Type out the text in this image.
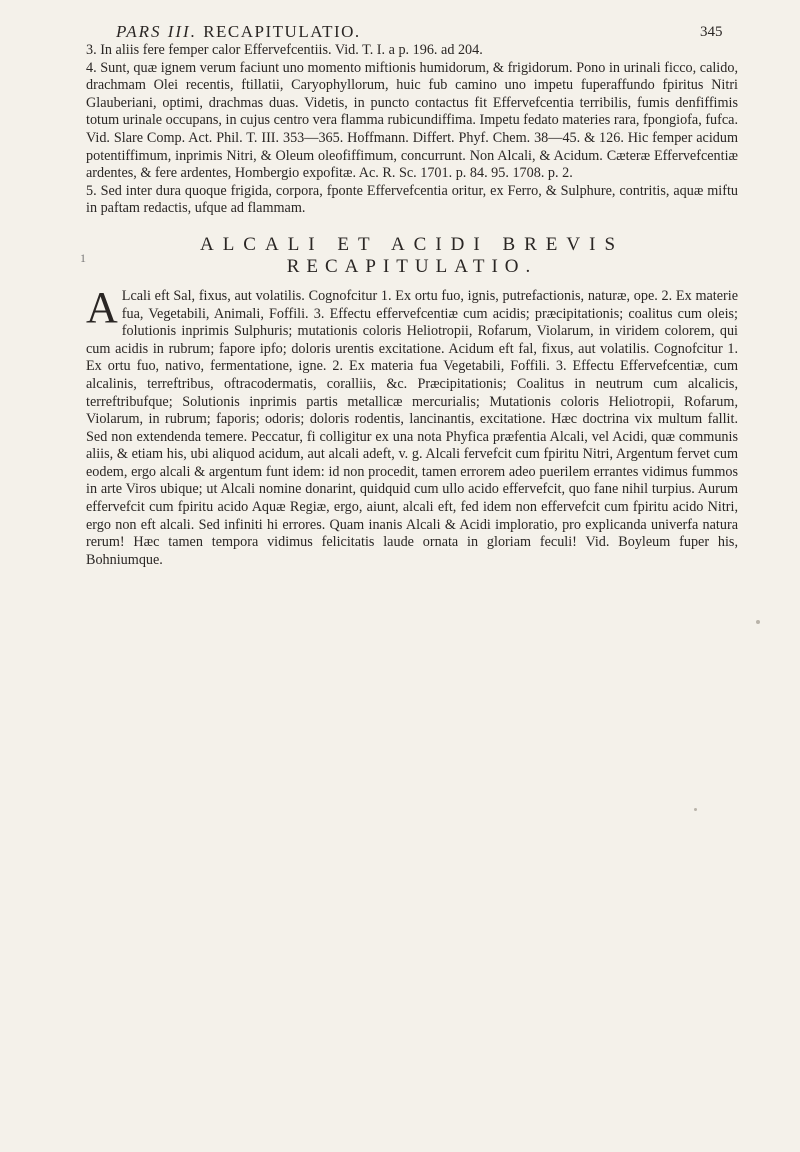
PARS III. RECAPITULATIO.	345

3. In aliis fere femper calor Effervefcentiis. Vid. T. I. a p. 196. ad 204.

4. Sunt, quæ ignem verum faciunt uno momento miftionis humidorum, & frigidorum. Pono in urinali ficco, calido, drachmam Olei recentis, ftillatii, Caryophyllorum, huic fub camino uno impetu fuperaffundo fpiritus Nitri Glauberiani, optimi, drachmas duas. Videtis, in puncto contactus fit Effervefcentia terribilis, fumis denfiffimis totum urinale occupans, in cujus centro vera flamma rubicundiffima. Impetu fedato materies rara, fpongiofa, fufca. Vid. Slare Comp. Act. Phil. T. III. 353—365. Hoffmann. Differt. Phyf. Chem. 38—45. & 126. Hic femper acidum potentiffimum, inprimis Nitri, & Oleum oleofiffimum, concurrunt. Non Alcali, & Acidum. Cæteræ Effervefcentiæ ardentes, & fere ardentes, Hombergio expofitæ. Ac. R. Sc. 1701. p. 84. 95. 1708. p. 2.

5. Sed inter dura quoque frigida, corpora, fponte Effervefcentia oritur, ex Ferro, & Sulphure, contritis, aquæ miftu in paftam redactis, ufque ad flammam.

ALCALI ET ACIDI BREVIS
RECAPITULATIO.

A Lcali eft Sal, fixus, aut volatilis. Cognofcitur 1. Ex ortu fuo, ignis, putrefactionis, naturæ, ope. 2. Ex materie fua, Vegetabili, Animali, Foffili. 3. Effectu effervefcentiæ cum acidis; præcipitationis; coalitus cum oleis; folutionis inprimis Sulphuris; mutationis coloris Heliotropii, Rofarum, Violarum, in viridem colorem, qui cum acidis in rubrum; fapore ipfo; doloris urentis excitatione. Acidum eft fal, fixus, aut volatilis. Cognofcitur 1. Ex ortu fuo, nativo, fermentatione, igne. 2. Ex materia fua Vegetabili, Foffili. 3. Effectu Effervefcentiæ, cum alcalinis, terreftribus, oftracodermatis, coralliis, &c. Præcipitationis; Coalitus in neutrum cum alcalicis, terreftribufque; Solutionis inprimis partis metallicæ mercurialis; Mutationis coloris Heliotropii, Rofarum, Violarum, in rubrum; faporis; odoris; doloris rodentis, lancinantis, excitatione. Hæc doctrina vix multum fallit. Sed non extendenda temere. Peccatur, fi colligitur ex una nota Phyfica præfentia Alcali, vel Acidi, quæ communis aliis, & etiam his, ubi aliquod acidum, aut alcali adeft, v. g. Alcali fervefcit cum fpiritu Nitri, Argentum fervet cum eodem, ergo alcali & argentum funt idem: id non procedit, tamen errorem adeo puerilem errantes vidimus fummos in arte Viros ubique; ut Alcali nomine donarint, quidquid cum ullo acido effervefcit, quo fane nihil turpius. Aurum effervefcit cum fpiritu acido Aquæ Regiæ, ergo, aiunt, alcali eft, fed idem non effervefcit cum fpiritu acido Nitri, ergo non eft alcali. Sed infiniti hi errores. Quam inanis Alcali & Acidi imploratio, pro explicanda univerfa natura rerum! Hæc tamen tempora vidimus felicitatis laude ornata in gloriam feculi! Vid. Boyleum fuper his, Bohniumque.

1
